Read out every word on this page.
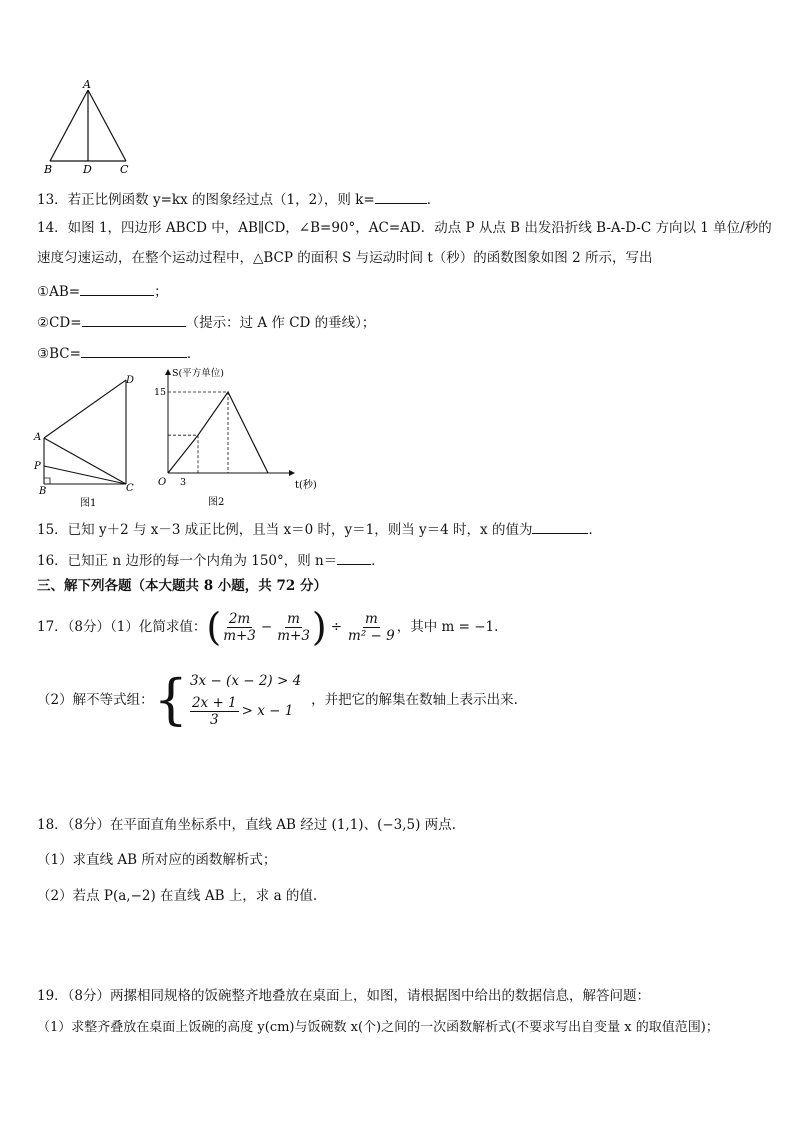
A
B	D	C
13．若正比例函数 y=kx 的图象经过点（1，2），则 k=	．
14．如图 1，四边形 ABCD 中，AB∥CD，∠B=90°，AC=AD．动点 P 从点 B 出发沿折线 B-A-D-C 方向以 1 单位/秒的
速度匀速运动，在整个运动过程中，△BCP 的面积 S 与运动时间 t（秒）的函数图象如图 2 所示，写出
①AB=	；
②CD=	（提示：过 A 作 CD 的垂线）；
③BC=	．
D
A
P
B	C
图1
S(平方单位)
15
O 3	t(秒)
图2
15．已知 y＋2 与 x－3 成正比例，且当 x＝0 时，y＝1，则当 y＝4 时，x 的值为	．
16．已知正 n 边形的每一个内角为 150°，则 n＝	．
三、解下列各题（本大题共 8 小题，共 72 分）
17．（8分）（1）化简求值： ( $\frac{2m}{m+3} - \frac{m}{m+3}$ ) ÷ $\frac{m}{\text{m² − 9}}$ ，其中 m = −1.
（2）解不等式组： { 3x − (x − 2) > 4
$\frac{2x + 1}{3} > x - 1$
，并把它的解集在数轴上表示出来.
18．（8分）在平面直角坐标系中，直线 AB 经过 (1,1)、(−3,5) 两点.
（1）求直线 AB 所对应的函数解析式；
（2）若点 P(a,−2) 在直线 AB 上，求 a 的值.
19．（8分）两摞相同规格的饭碗整齐地叠放在桌面上，如图，请根据图中给出的数据信息，解答问题：
（1）求整齐叠放在桌面上饭碗的高度 y(cm)与饭碗数 x(个)之间的一次函数解析式(不要求写出自变量 x 的取值范围)；
